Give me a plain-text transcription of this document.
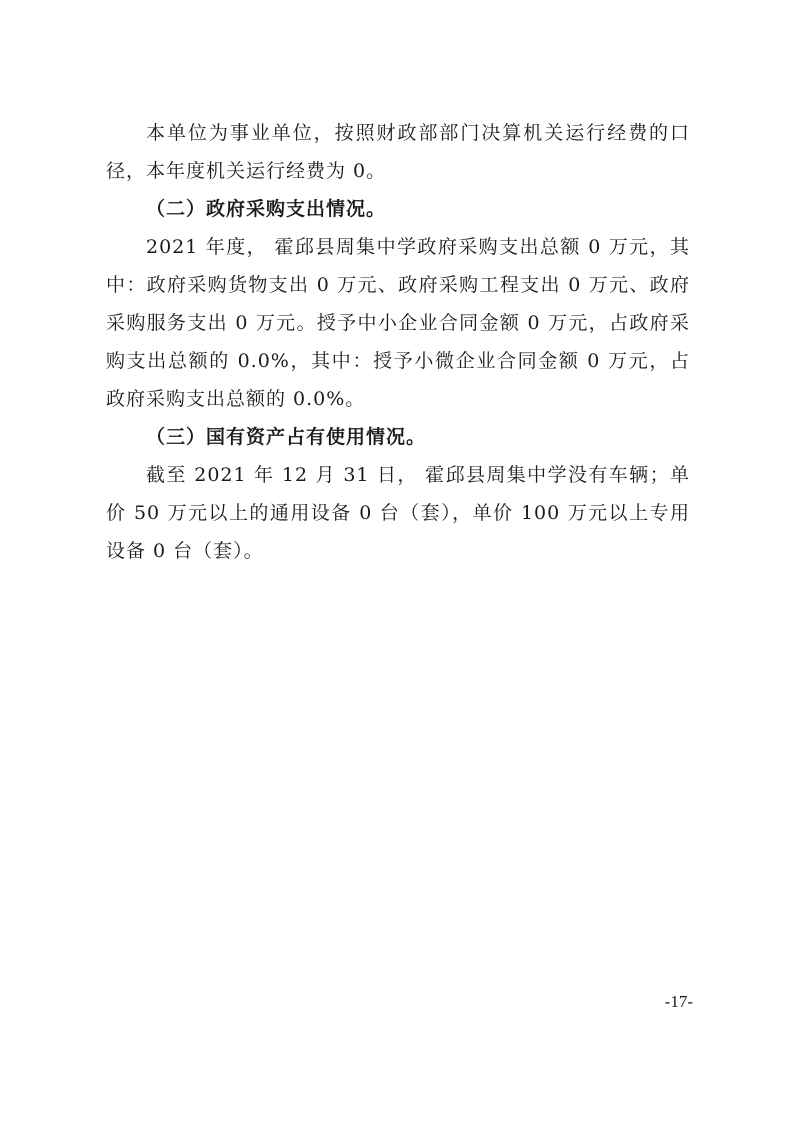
本单位为事业单位，按照财政部部门决算机关运行经费的口径，本年度机关运行经费为 0。

（二）政府采购支出情况。

2021 年度， 霍邱县周集中学政府采购支出总额 0 万元，其中：政府采购货物支出 0 万元、政府采购工程支出 0 万元、政府采购服务支出 0 万元。授予中小企业合同金额 0 万元，占政府采购支出总额的 0.0%，其中：授予小微企业合同金额 0 万元，占政府采购支出总额的 0.0%。

（三）国有资产占有使用情况。

截至 2021 年 12 月 31 日， 霍邱县周集中学没有车辆；单价 50 万元以上的通用设备 0 台（套），单价 100 万元以上专用设备 0 台（套）。

-17-
